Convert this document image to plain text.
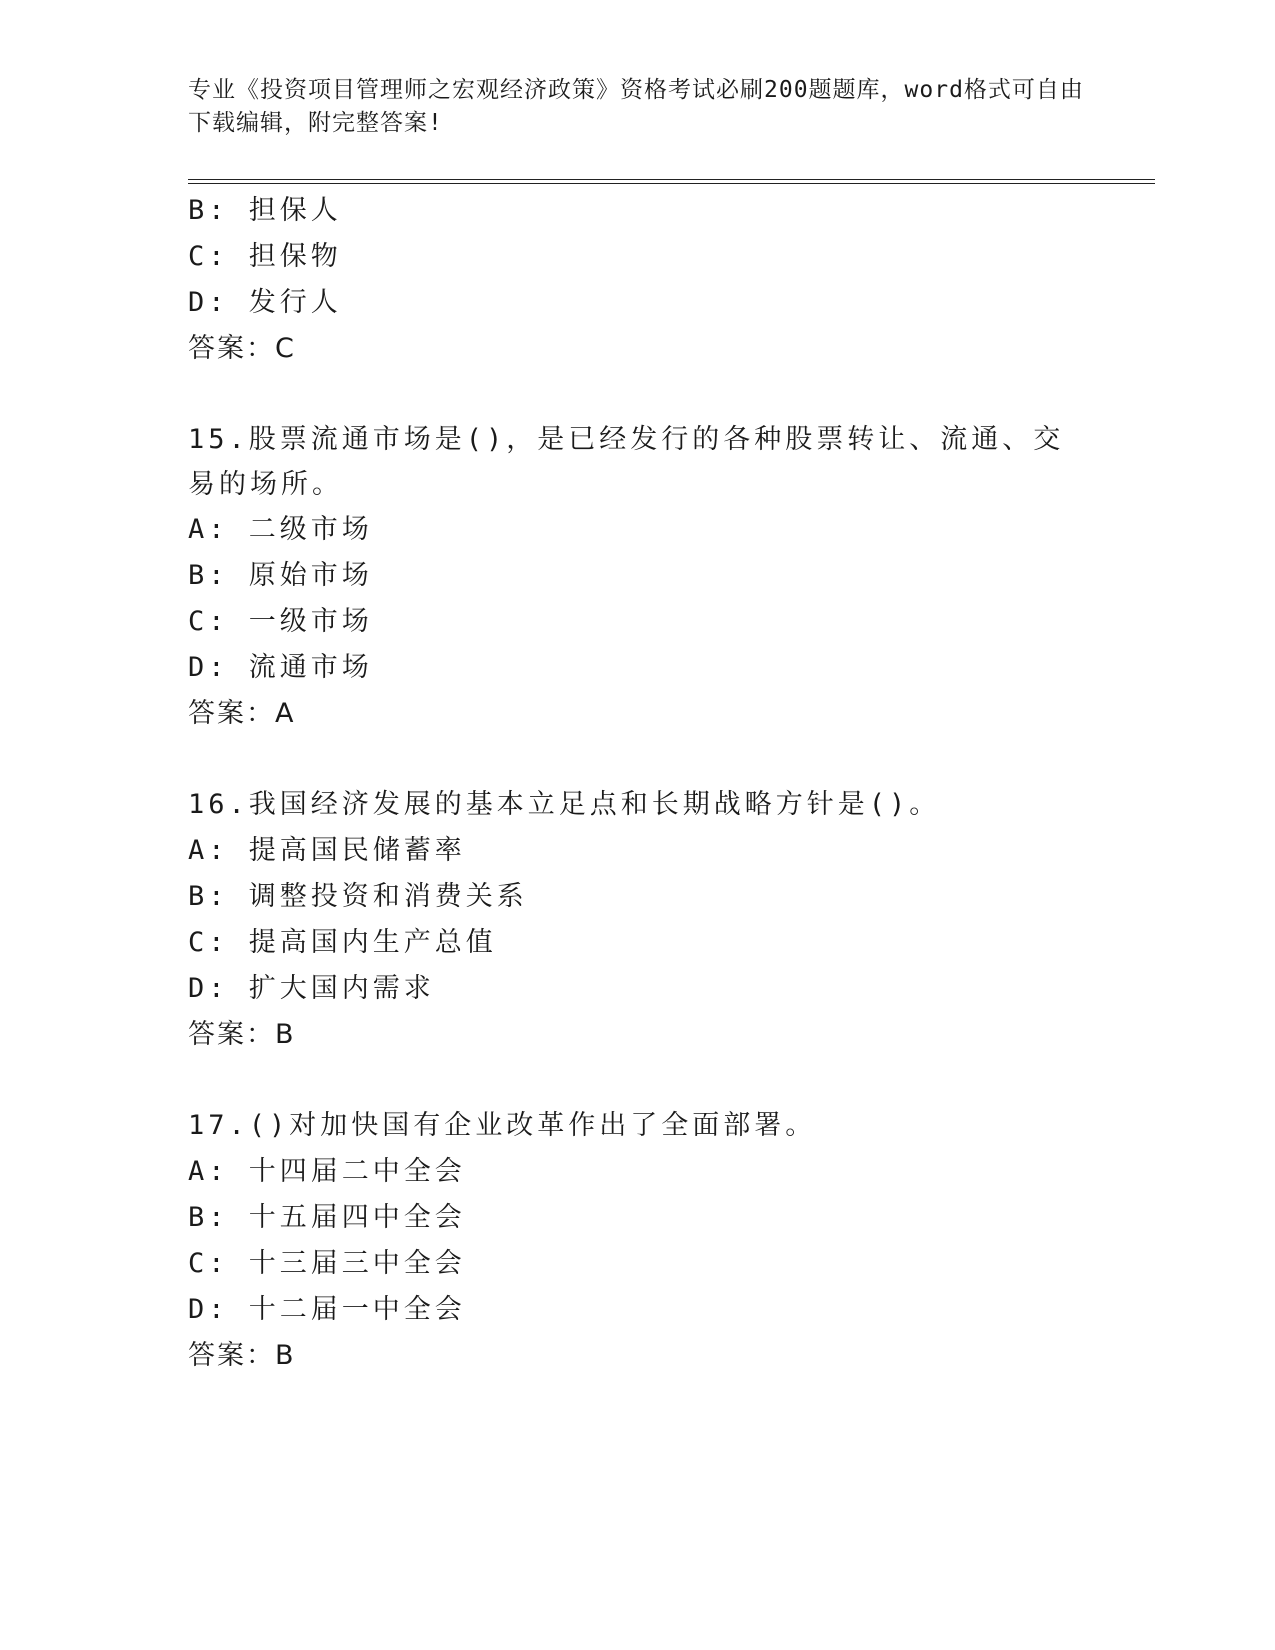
专业《投资项目管理师之宏观经济政策》资格考试必刷200题题库，word格式可自由下载编辑，附完整答案!
B: 担保人
C: 担保物
D: 发行人
答案：C
15.股票流通市场是()，是已经发行的各种股票转让、流通、交易的场所。
A: 二级市场
B: 原始市场
C: 一级市场
D: 流通市场
答案：A
16.我国经济发展的基本立足点和长期战略方针是()。
A: 提高国民储蓄率
B: 调整投资和消费关系
C: 提高国内生产总值
D: 扩大国内需求
答案：B
17.()对加快国有企业改革作出了全面部署。
A: 十四届二中全会
B: 十五届四中全会
C: 十三届三中全会
D: 十二届一中全会
答案：B
